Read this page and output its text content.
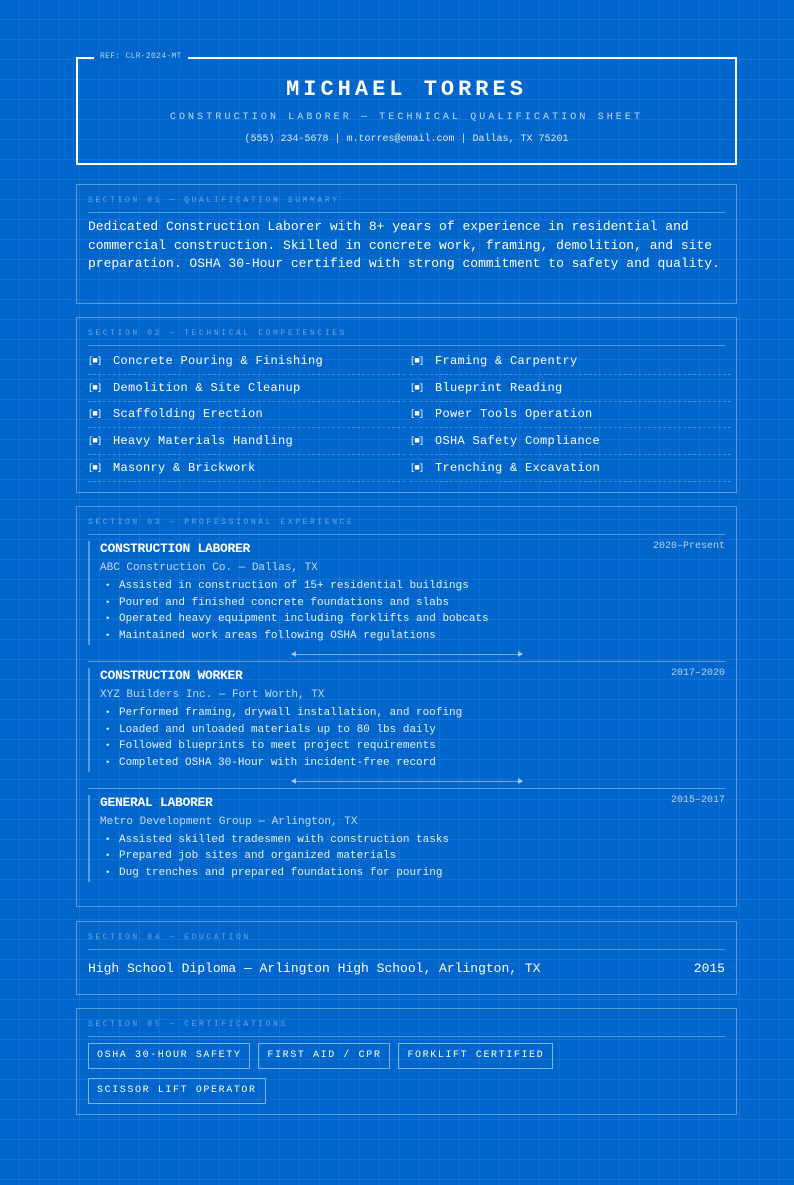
REF: CLR-2024-MT
MICHAEL TORRES
CONSTRUCTION LABORER — TECHNICAL QUALIFICATION SHEET
(555) 234-5678 | m.torres@email.com | Dallas, TX 75201
SECTION 01 — QUALIFICATION SUMMARY

Dedicated Construction Laborer with 8+ years of experience in residential and commercial construction. Skilled in concrete work, framing, demolition, and site preparation. OSHA 30-Hour certified with strong commitment to safety and quality.

SECTION 02 — TECHNICAL COMPETENCIES
[■] Concrete Pouring & Finishing	[■] Framing & Carpentry
[■] Demolition & Site Cleanup	[■] Blueprint Reading
[■] Scaffolding Erection	[■] Power Tools Operation
[■] Heavy Materials Handling	[■] OSHA Safety Compliance
[■] Masonry & Brickwork	[■] Trenching & Excavation
SECTION 03 — PROFESSIONAL EXPERIENCE
2020–Present
CONSTRUCTION LABORER
ABC Construction Co. — Dallas, TX
• Assisted in construction of 15+ residential buildings
• Poured and finished concrete foundations and slabs
• Operated heavy equipment including forklifts and bobcats
• Maintained work areas following OSHA regulations
2017–2020
CONSTRUCTION WORKER
XYZ Builders Inc. — Fort Worth, TX
• Performed framing, drywall installation, and roofing
• Loaded and unloaded materials up to 80 lbs daily
• Followed blueprints to meet project requirements
• Completed OSHA 30-Hour with incident-free record
2015–2017
GENERAL LABORER
Metro Development Group — Arlington, TX
• Assisted skilled tradesmen with construction tasks
• Prepared job sites and organized materials
• Dug trenches and prepared foundations for pouring
SECTION 04 — EDUCATION
High School Diploma — Arlington High School, Arlington, TX	2015
SECTION 05 — CERTIFICATIONS
OSHA 30-HOUR SAFETY	FIRST AID / CPR	FORKLIFT CERTIFIED
SCISSOR LIFT OPERATOR
